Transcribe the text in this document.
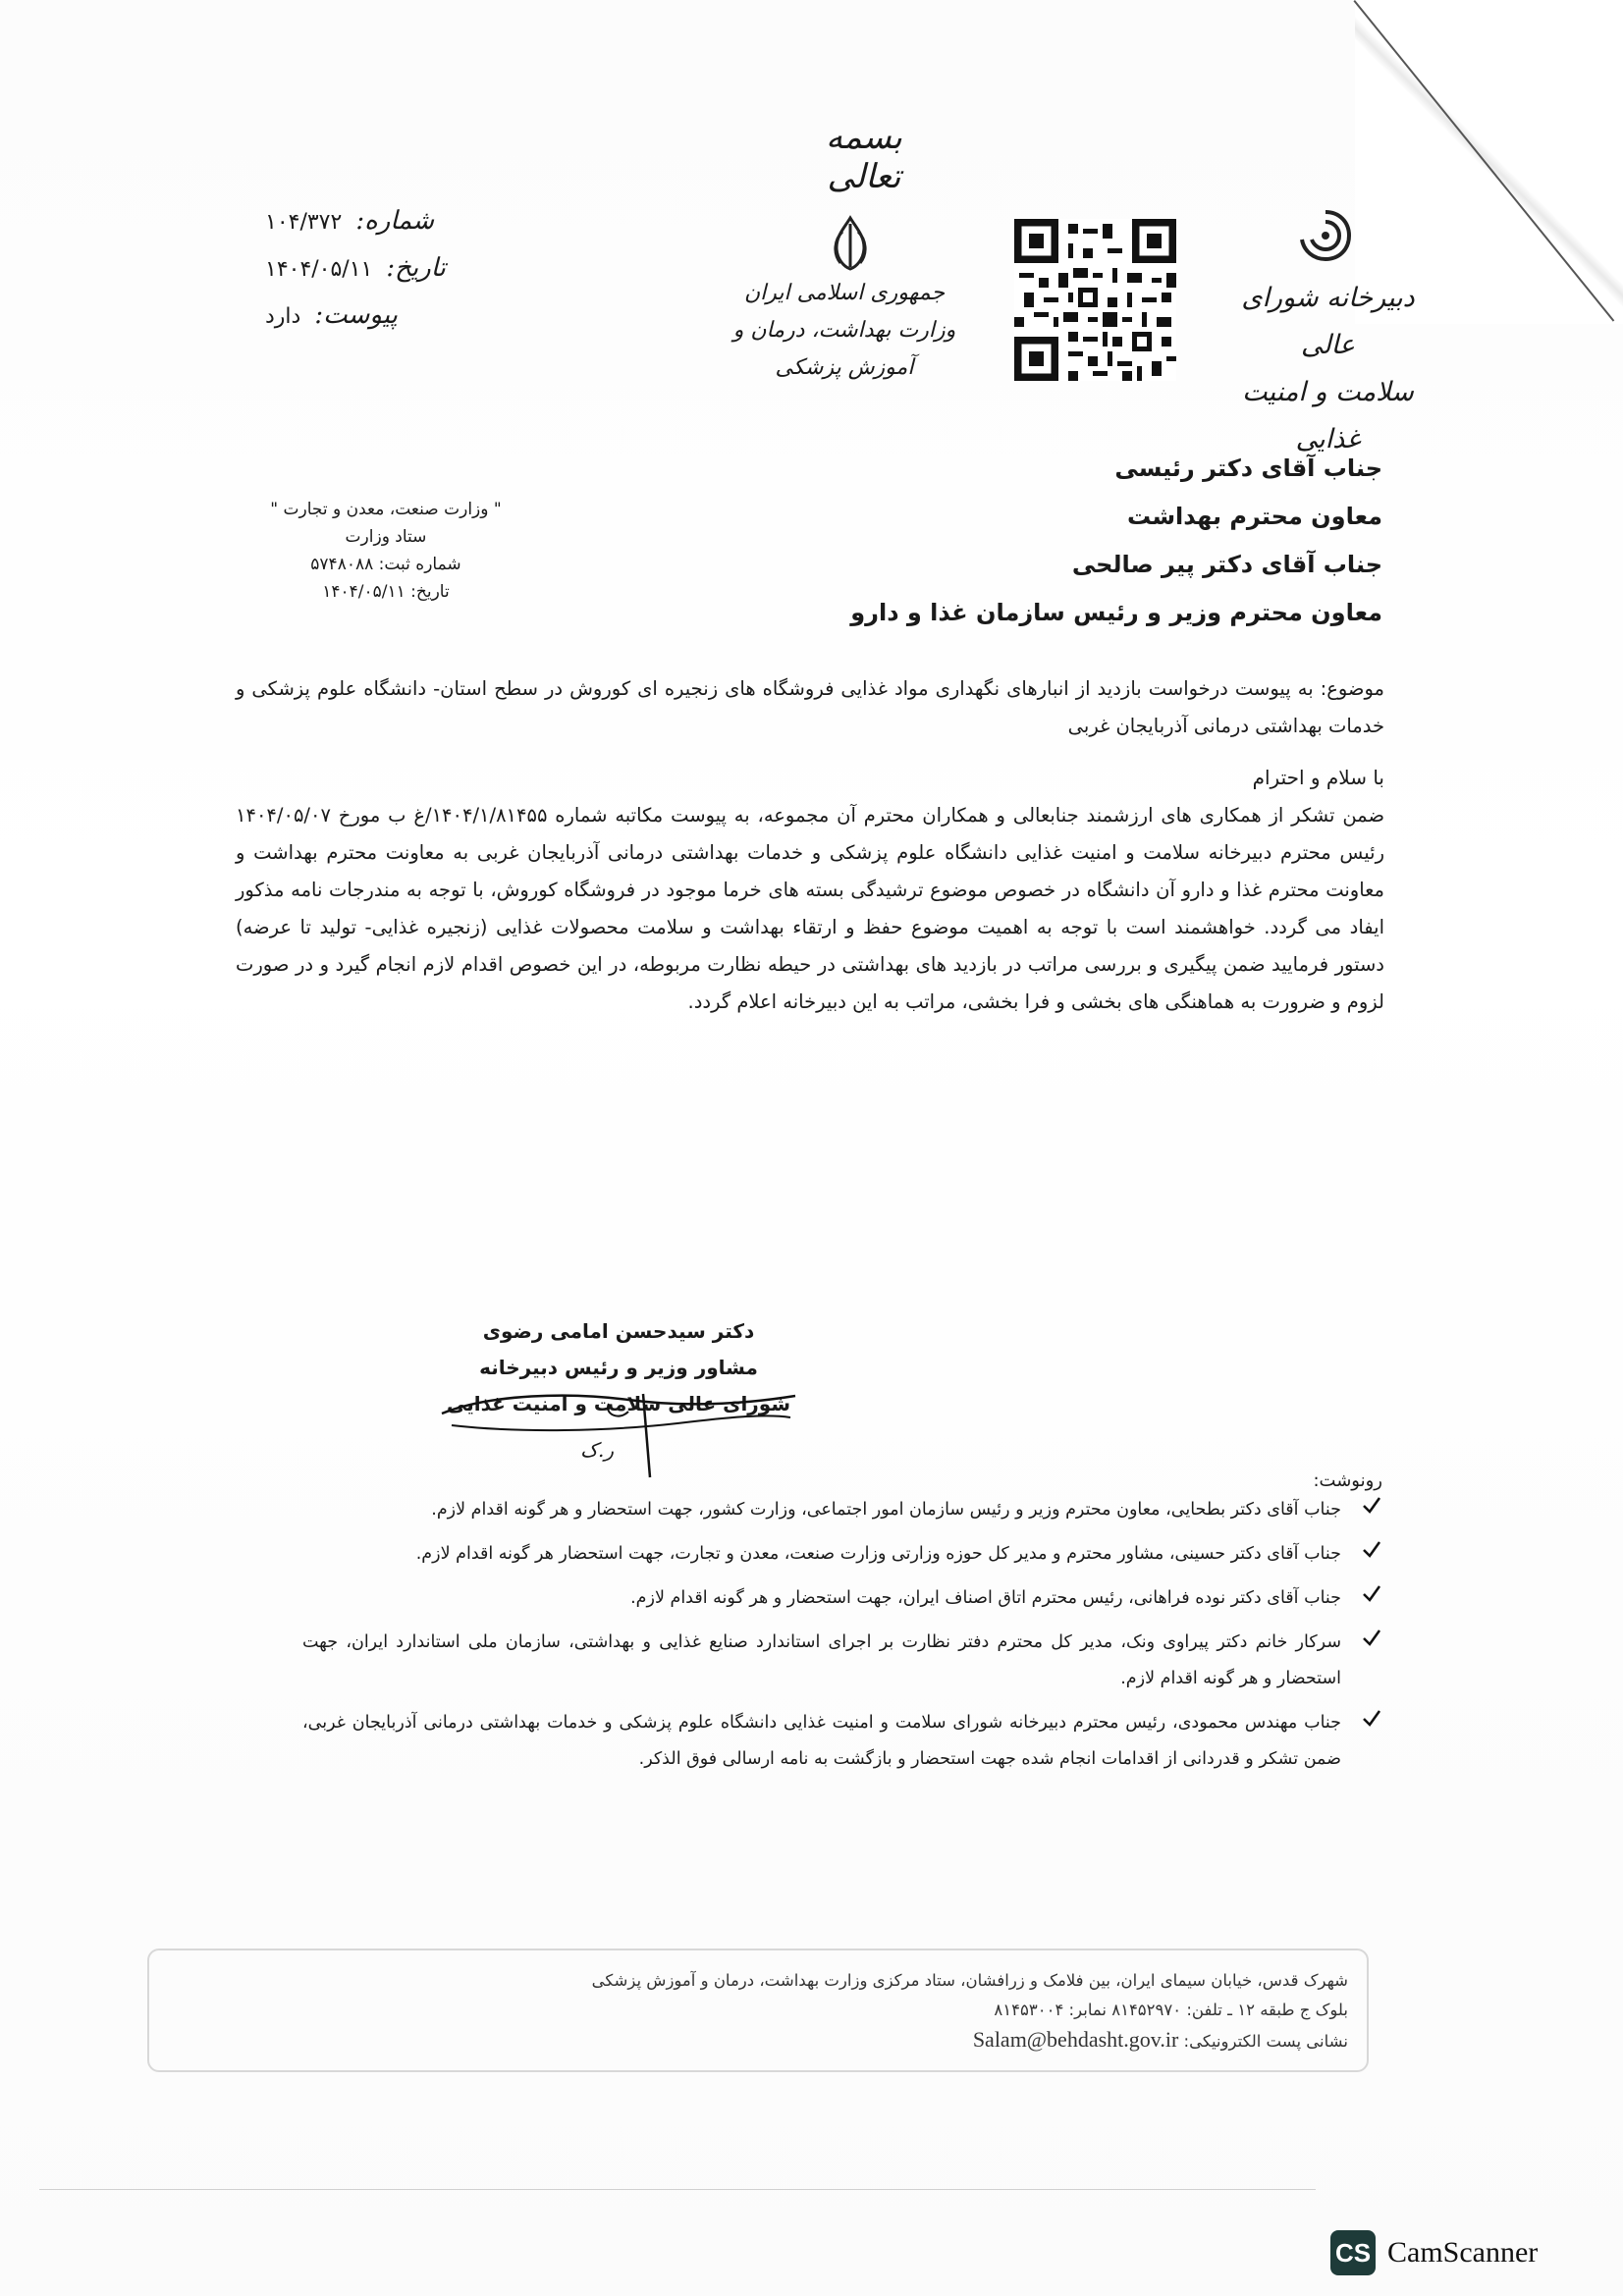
بسمه تعالی
شماره:
۱۰۴/۳۷۲
تاریخ:
۱۴۰۴/۰۵/۱۱
پیوست:
دارد
جمهوری اسلامی ایران
وزارت بهداشت، درمان و آموزش پزشکی
دبیرخانه شورای عالی
سلامت و امنیت غذایی
" وزارت صنعت، معدن و تجارت "
ستاد وزارت
شماره ثبت: ۵۷۴۸۰۸۸
تاریخ: ۱۴۰۴/۰۵/۱۱
جناب آقای دکتر رئیسی
معاون محترم بهداشت
جناب آقای دکتر پیر صالحی
معاون محترم وزیر و رئیس سازمان غذا و دارو
موضوع: به پیوست درخواست بازدید از انبارهای نگهداری مواد غذایی فروشگاه های زنجیره ای کوروش در سطح استان- دانشگاه علوم پزشکی و خدمات بهداشتی درمانی آذربایجان غربی
با سلام و احترام
ضمن تشکر از همکاری های ارزشمند جنابعالی و همکاران محترم آن مجموعه، به پیوست مکاتبه شماره ۱۴۰۴/۱/۸۱۴۵۵/غ ب مورخ ۱۴۰۴/۰۵/۰۷ رئیس محترم دبیرخانه سلامت و امنیت غذایی دانشگاه علوم پزشکی و خدمات بهداشتی درمانی آذربایجان غربی به معاونت محترم بهداشت و معاونت محترم غذا و دارو آن دانشگاه در خصوص موضوع ترشیدگی بسته های خرما موجود در فروشگاه کوروش، با توجه به مندرجات نامه مذکور ایفاد می گردد. خواهشمند است با توجه به اهمیت موضوع حفظ و ارتقاء بهداشت و سلامت محصولات غذایی (زنجیره غذایی- تولید تا عرضه) دستور فرمایید ضمن پیگیری و بررسی مراتب در بازدید های بهداشتی در حیطه نظارت مربوطه، در این خصوص اقدام لازم انجام گیرد و در صورت لزوم و ضرورت به هماهنگی های بخشی و فرا بخشی، مراتب به این دبیرخانه اعلام گردد.
دکتر سیدحسن امامی رضوی
مشاور وزیر و رئیس دبیرخانه
شورای عالی سلامت و امنیت غذایی
ر.ک
رونوشت:
جناب آقای دکتر بطحایی، معاون محترم وزیر و رئیس سازمان امور اجتماعی، وزارت کشور، جهت استحضار و هر گونه اقدام لازم.
جناب آقای دکتر حسینی، مشاور محترم و مدیر کل حوزه وزارتی وزارت صنعت، معدن و تجارت، جهت استحضار هر گونه اقدام لازم.
جناب آقای دکتر نوده فراهانی، رئیس محترم اتاق اصناف ایران، جهت استحضار و هر گونه اقدام لازم.
سرکار خانم دکتر پیراوی ونک، مدیر کل محترم دفتر نظارت بر اجرای استاندارد صنایع غذایی و بهداشتی، سازمان ملی استاندارد ایران، جهت استحضار و هر گونه اقدام لازم.
جناب مهندس محمودی، رئیس محترم دبیرخانه شورای سلامت و امنیت غذایی دانشگاه علوم پزشکی و خدمات بهداشتی درمانی آذربایجان غربی، ضمن تشکر و قدردانی از اقدامات انجام شده جهت استحضار و بازگشت به نامه ارسالی فوق الذکر.
شهرک قدس، خیابان سیمای ایران، بین فلامک و زرافشان، ستاد مرکزی وزارت بهداشت، درمان و آموزش پزشکی
بلوک ج طبقه ۱۲ ـ تلفن: ۸۱۴۵۲۹۷۰ نمابر: ۸۱۴۵۳۰۰۴
نشانی پست الکترونیکی: Salam@behdasht.gov.ir
CS CamScanner
